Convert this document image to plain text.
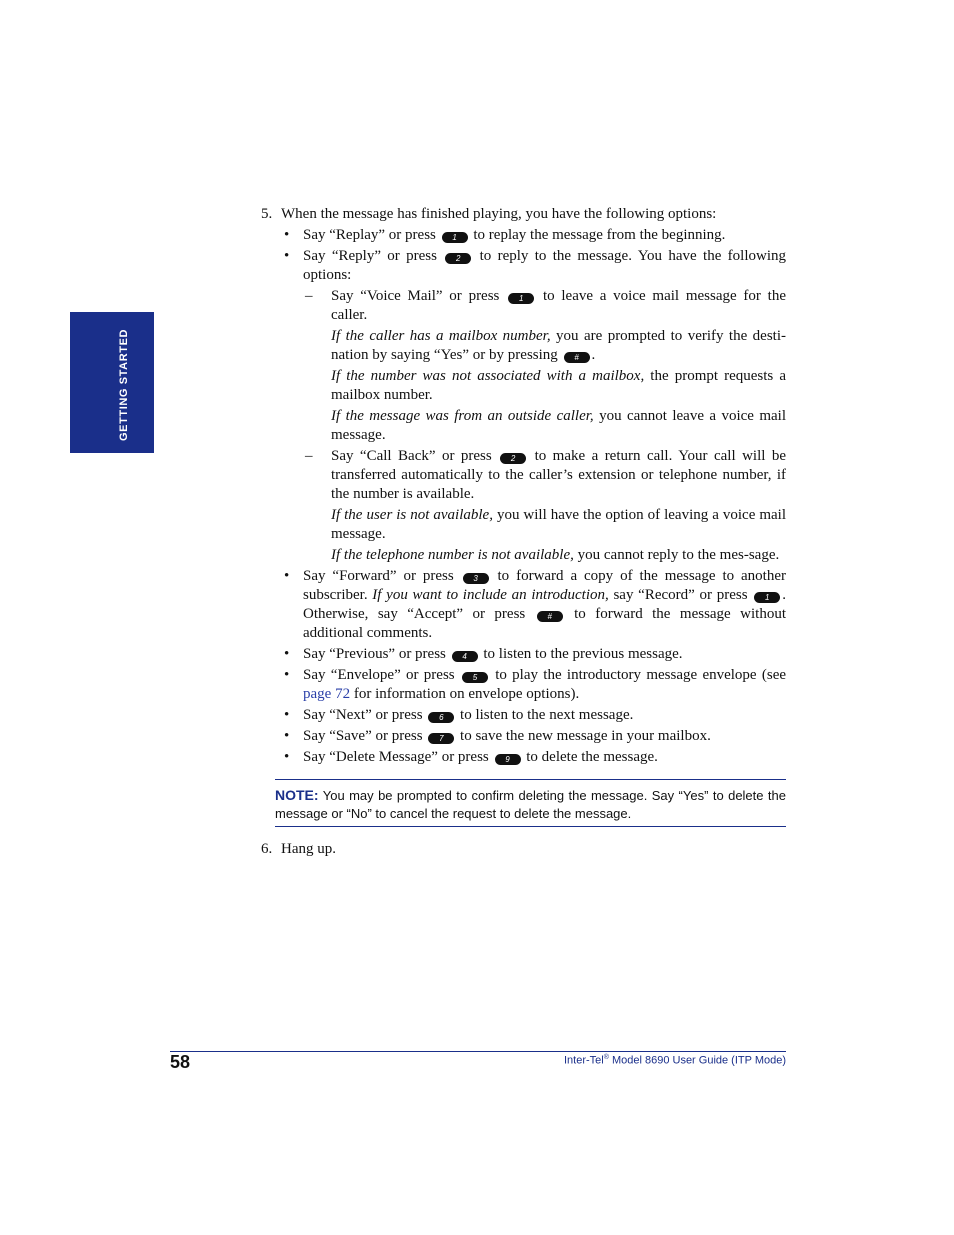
GETTING STARTED
5. When the message has finished playing, you have the following options:
• Say “Replay” or press 1 to replay the message from the beginning.
• Say “Reply” or press 2 to reply to the message. You have the following options:
– Say “Voice Mail” or press 1 to leave a voice mail message for the caller.
If the caller has a mailbox number, you are prompted to verify the desti-nation by saying “Yes” or by pressing # .
If the number was not associated with a mailbox, the prompt requests a mailbox number.
If the message was from an outside caller, you cannot leave a voice mail message.
– Say “Call Back” or press 2 to make a return call. Your call will be transferred automatically to the caller’s extension or telephone number, if the number is available.
If the user is not available, you will have the option of leaving a voice mail message.
If the telephone number is not available, you cannot reply to the mes-sage.
• Say “Forward” or press 3 to forward a copy of the message to another subscriber. If you want to include an introduction, say “Record” or press 1 . Otherwise, say “Accept” or press	# to forward the message without additional comments.
• Say “Previous” or press 4 to listen to the previous message.
• Say “Envelope” or press 5 to play the introductory message envelope (see page 72 for information on envelope options).
• Say “Next” or press 6 to listen to the next message.
• Say “Save” or press 7 to save the new message in your mailbox.
• Say “Delete Message” or press 9 to delete the message.
NOTE: You may be prompted to confirm deleting the message. Say “Yes” to delete the message or “No” to cancel the request to delete the message.
6. Hang up.
58	Inter-Tel® Model 8690 User Guide (ITP Mode)
